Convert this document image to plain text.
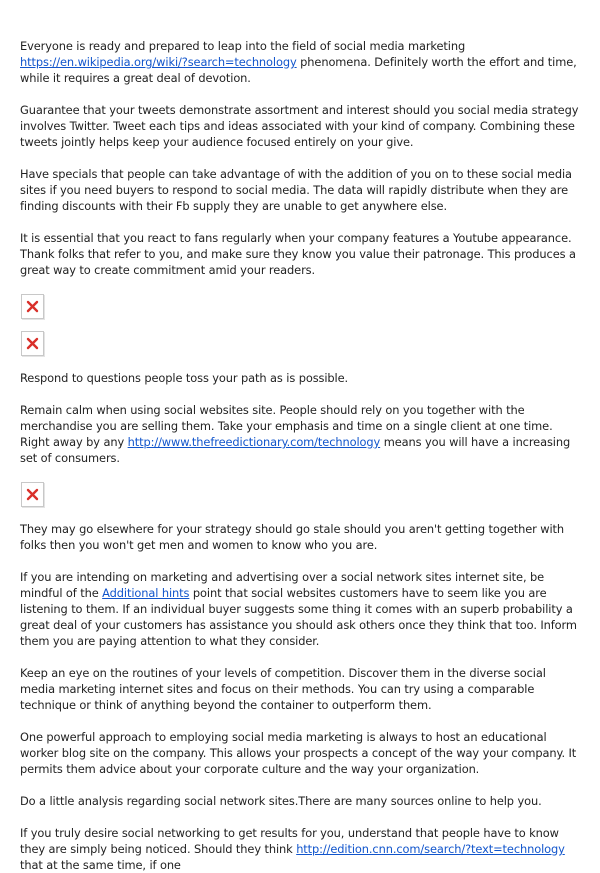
Everyone is ready and prepared to leap into the field of social media marketing https://en.wikipedia.org/wiki/?search=technology phenomena. Definitely worth the effort and time, while it requires a great deal of devotion.

Guarantee that your tweets demonstrate assortment and interest should you social media strategy involves Twitter. Tweet each tips and ideas associated with your kind of company. Combining these tweets jointly helps keep your audience focused entirely on your give.

Have specials that people can take advantage of with the addition of you on to these social media sites if you need buyers to respond to social media. The data will rapidly distribute when they are finding discounts with their Fb supply they are unable to get anywhere else.

It is essential that you react to fans regularly when your company features a Youtube appearance. Thank folks that refer to you, and make sure they know you value their patronage. This produces a great way to create commitment amid your readers.

Respond to questions people toss your path as is possible.

Remain calm when using social websites site. People should rely on you together with the merchandise you are selling them. Take your emphasis and time on a single client at one time. Right away by any http://www.thefreedictionary.com/technology means you will have a increasing set of consumers.

They may go elsewhere for your strategy should go stale should you aren't getting together with folks then you won't get men and women to know who you are.

If you are intending on marketing and advertising over a social network sites internet site, be mindful of the Additional hints point that social websites customers have to seem like you are listening to them. If an individual buyer suggests some thing it comes with an superb probability a great deal of your customers has assistance you should ask others once they think that too. Inform them you are paying attention to what they consider.

Keep an eye on the routines of your levels of competition. Discover them in the diverse social media marketing internet sites and focus on their methods. You can try using a comparable technique or think of anything beyond the container to outperform them.

One powerful approach to employing social media marketing is always to host an educational worker blog site on the company. This allows your prospects a concept of the way your company. It permits them advice about your corporate culture and the way your organization.

Do a little analysis regarding social network sites.There are many sources online to help you.

If you truly desire social networking to get results for you, understand that people have to know they are simply being noticed. Should they think http://edition.cnn.com/search/?text=technology that at the same time, if one
